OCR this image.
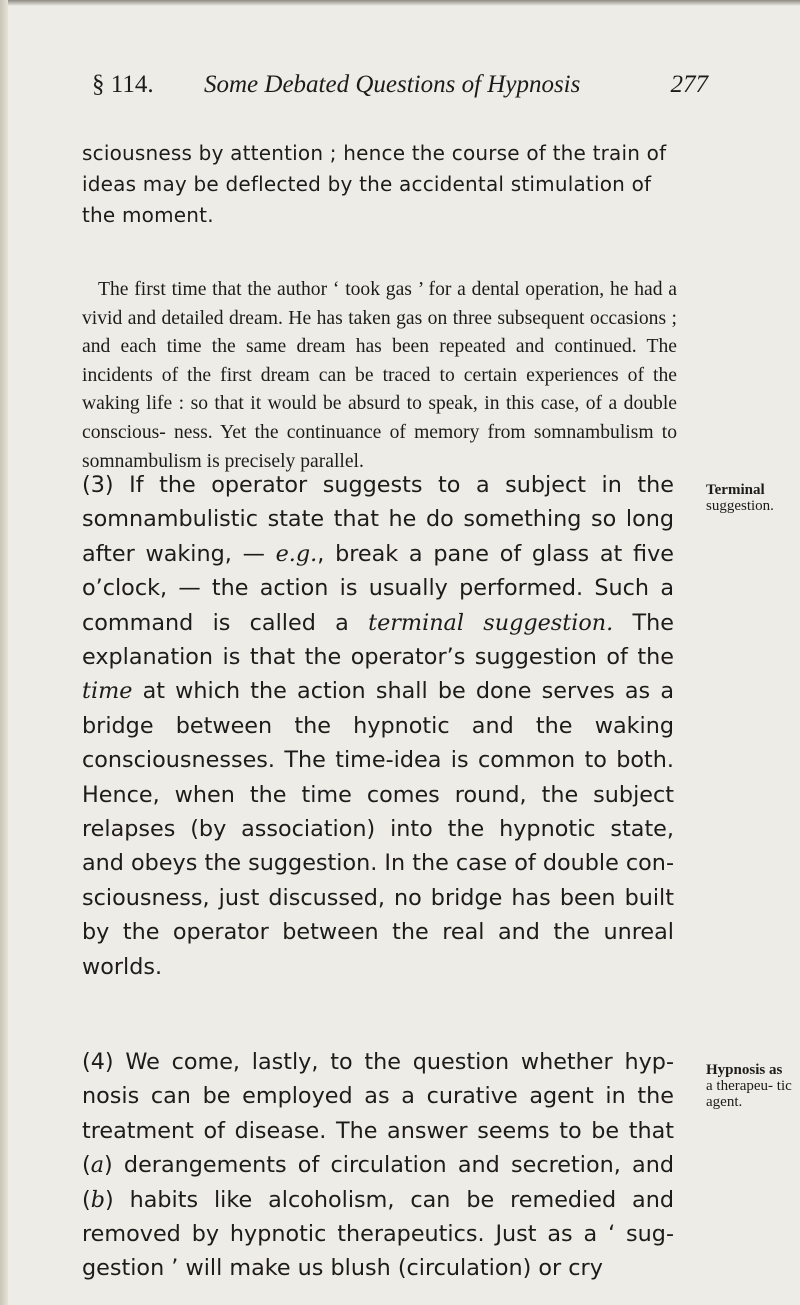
§ 114. Some Debated Questions of Hypnosis	277

sciousness by attention ; hence the course of the train of ideas may be deflected by the accidental stimulation of the moment.

The first time that the author ‘ took gas ’ for a dental operation, he had a vivid and detailed dream. He has taken gas on three subsequent occasions ; and each time the same dream has been repeated and continued. The incidents of the first dream can be traced to certain experiences of the waking life : so that it would be absurd to speak, in this case, of a double conscious- ness. Yet the continuance of memory from somnambulism to somnambulism is precisely parallel.

(3) If the operator suggests to a subject in the somnambulistic state that he do something so long after waking, — e.g., break a pane of glass at five o’clock, — the action is usually performed. Such a command is called a terminal suggestion. The explanation is that the operator’s suggestion of the time at which the action shall be done serves as a bridge between the hypnotic and the waking consciousnesses. The time-idea is common to both. Hence, when the time comes round, the subject relapses (by association) into the hypnotic state, and obeys the suggestion. In the case of double con- sciousness, just discussed, no bridge has been built by the operator between the real and the unreal worlds.

(4) We come, lastly, to the question whether hyp- nosis can be employed as a curative agent in the treatment of disease. The answer seems to be that (a) derangements of circulation and secretion, and (b) habits like alcoholism, can be remedied and removed by hypnotic therapeutics. Just as a ‘ sug- gestion ’ will make us blush (circulation) or cry

Terminal
suggestion.
Hypnosis as
a therapeu- tic agent.
